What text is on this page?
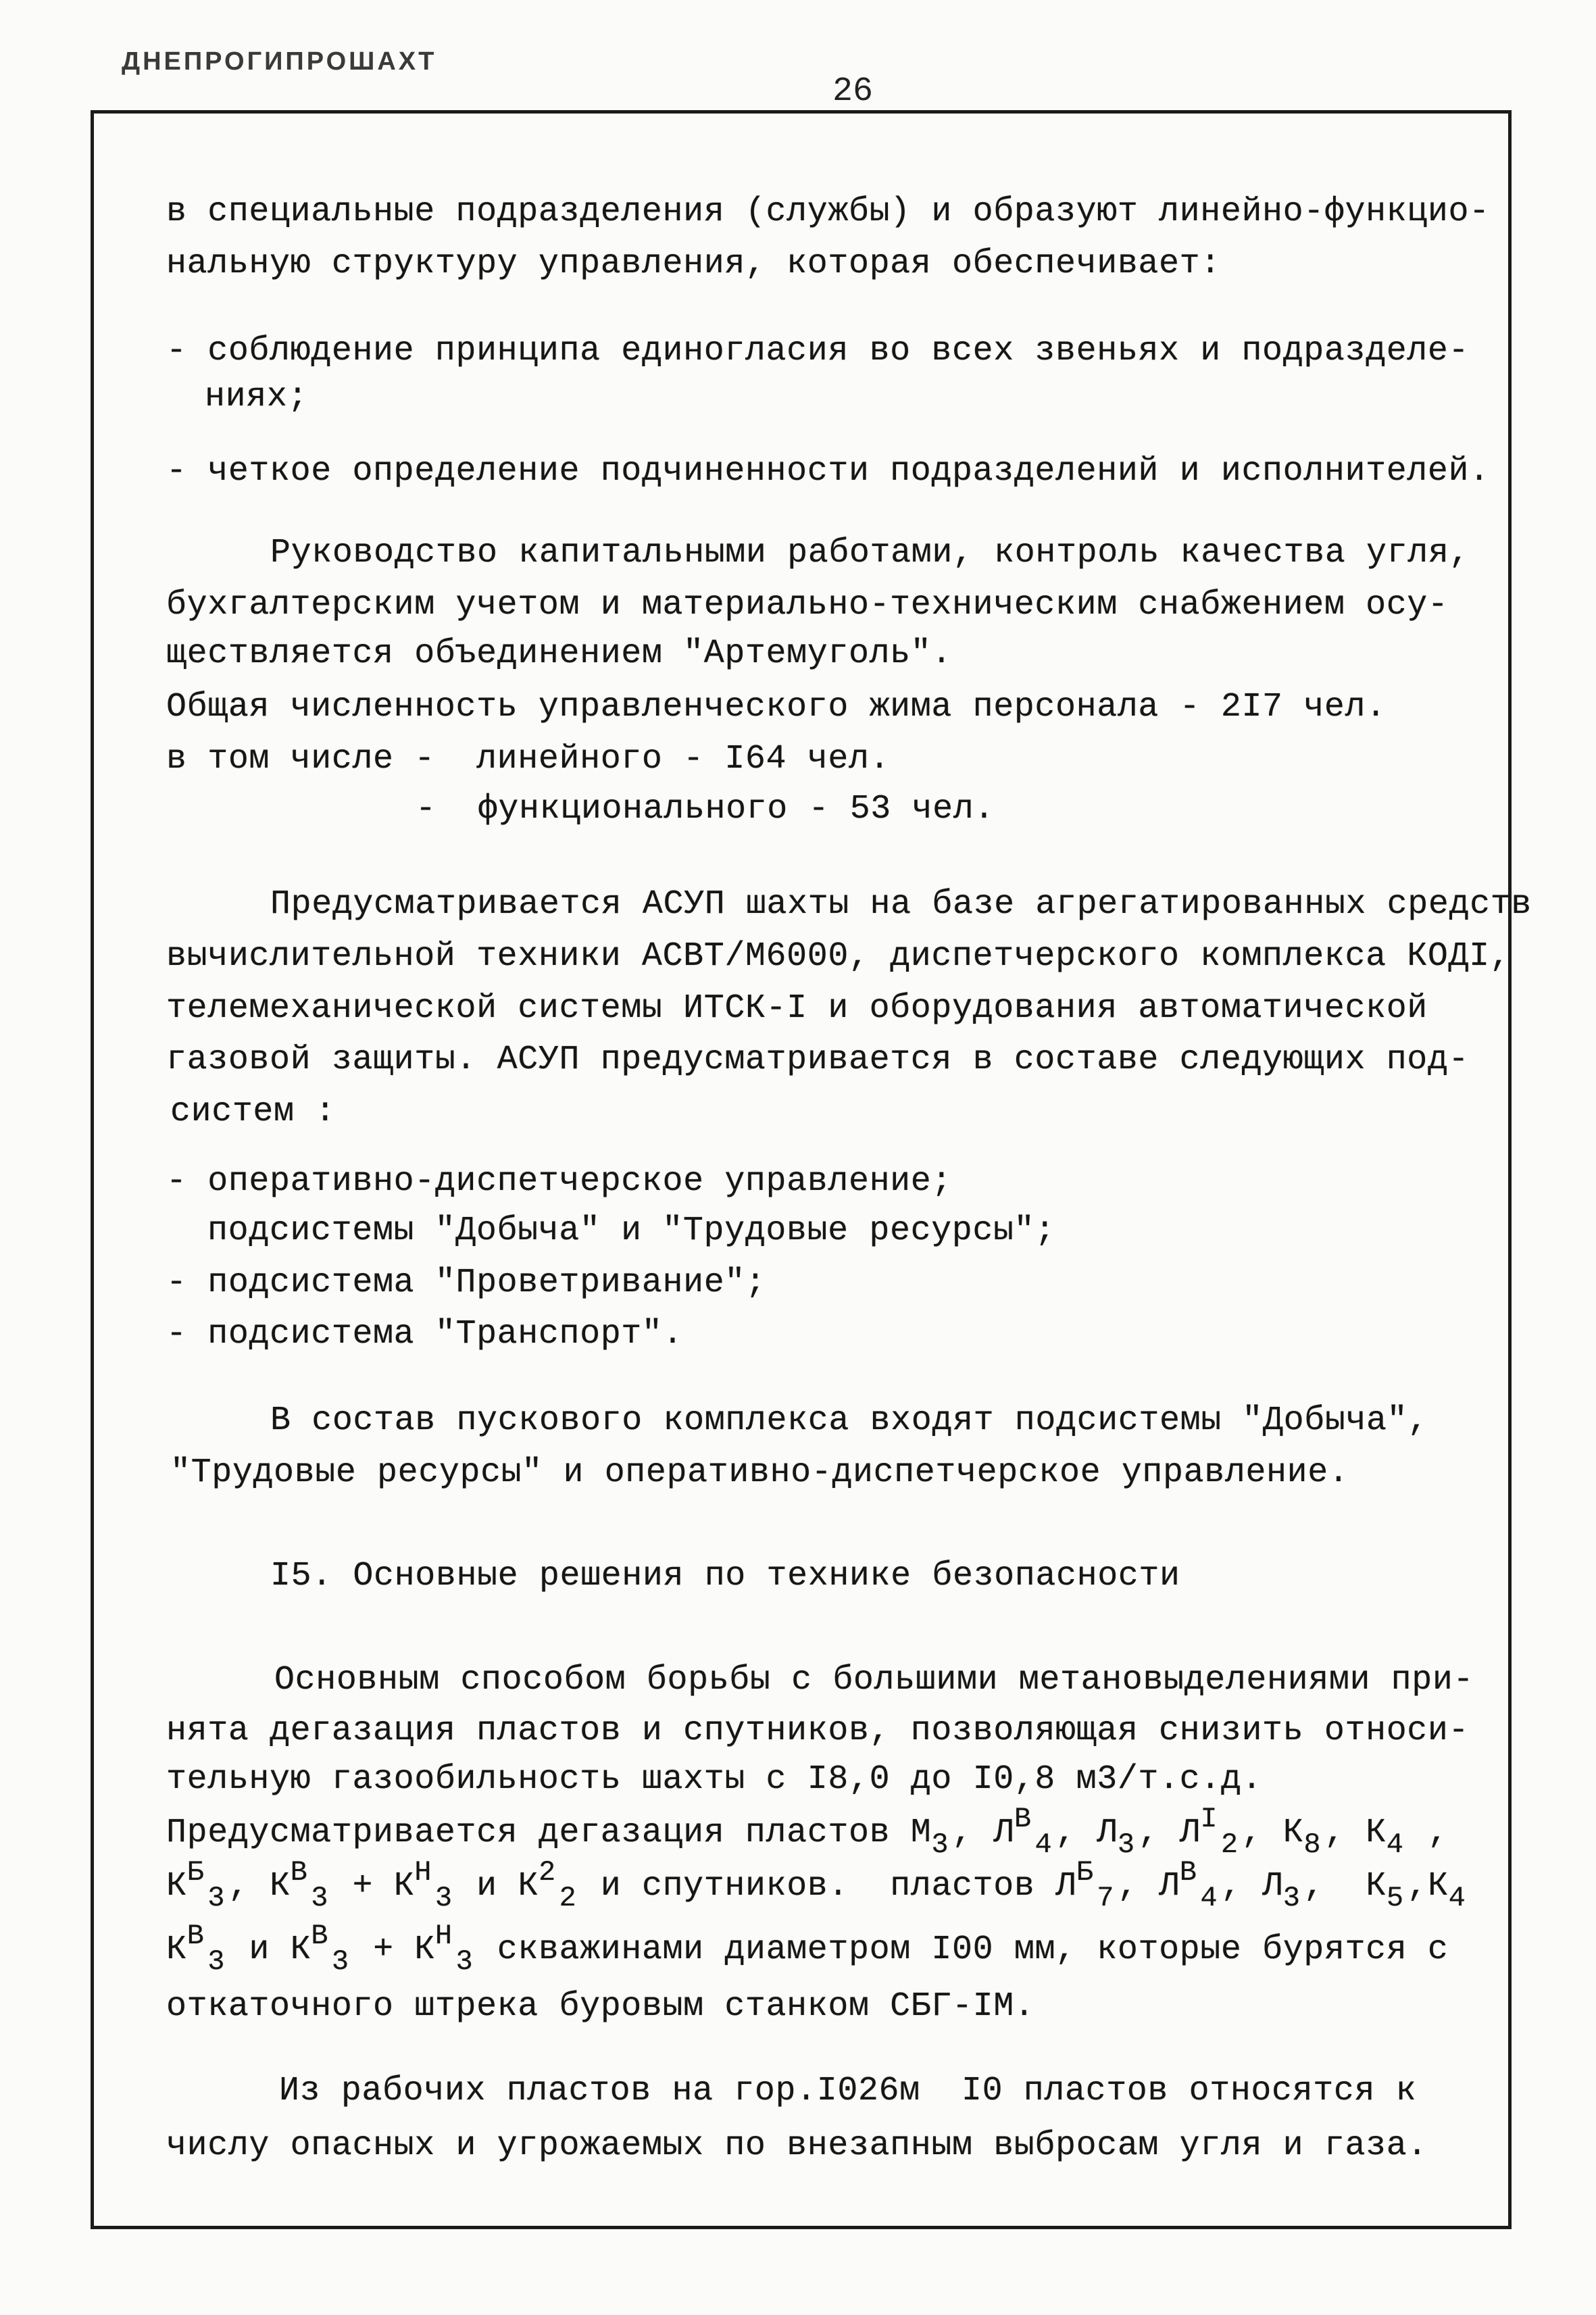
ДНЕПРОГИПРОШАХТ
26
в специальные подразделения (службы) и образуют линейно-функцио-
нальную структуру управления, которая обеспечивает:
- соблюдение принципа единогласия во всех звеньях и подразделе-
ниях;
- четкое определение подчиненности подразделений и исполнителей.
Руководство капитальными работами, контроль качества угля,
бухгалтерским учетом и материально-техническим снабжением осу-
ществляется объединением "Артемуголь".
Общая численность управленческого жима персонала - 2I7 чел.
в том числе -  линейного - I64 чел.
-  функционального - 53 чел.
Предусматривается АСУП шахты на базе агрегатированных средств
вычислительной техники АСВТ/М6000, диспетчерского комплекса КОДІ,
телемеханической системы ИТСК-I и оборудования автоматической
газовой защиты. АСУП предусматривается в составе следующих под-
систем :
- оперативно-диспетчерское управление;
подсистемы "Добыча" и "Трудовые ресурсы";
- подсистема "Проветривание";
- подсистема "Транспорт".
В состав пускового комплекса входят подсистемы "Добыча",
"Трудовые ресурсы" и оперативно-диспетчерское управление.
I5. Основные решения по технике безопасности
Основным способом борьбы с большими метановыделениями при-
нята дегазация пластов и спутников, позволяющая снизить относи-
тельную газообильность шахты с I8,0 до I0,8 м3/т.с.д.
Предусматривается дегазация пластов $М_3$, $Л^В_4$, $Л_3$, $Л^I_2$, $К_8$, $К_4$ ,
$К^Б_3$, $К^В_3 + К^Н_3$ и $К^2_2$ и спутников.  пластов $Л^Б_7$, $Л^В_4$, $Л_3$,  $К_5,К_4$
$К^В_3$ и $К^В_3 + К^Н_3$ скважинами диаметром I00 мм, которые бурятся с
откаточного штрека буровым станком СБГ-IМ.
Из рабочих пластов на гор.I026м  I0 пластов относятся к
числу опасных и угрожаемых по внезапным выбросам угля и газа.
